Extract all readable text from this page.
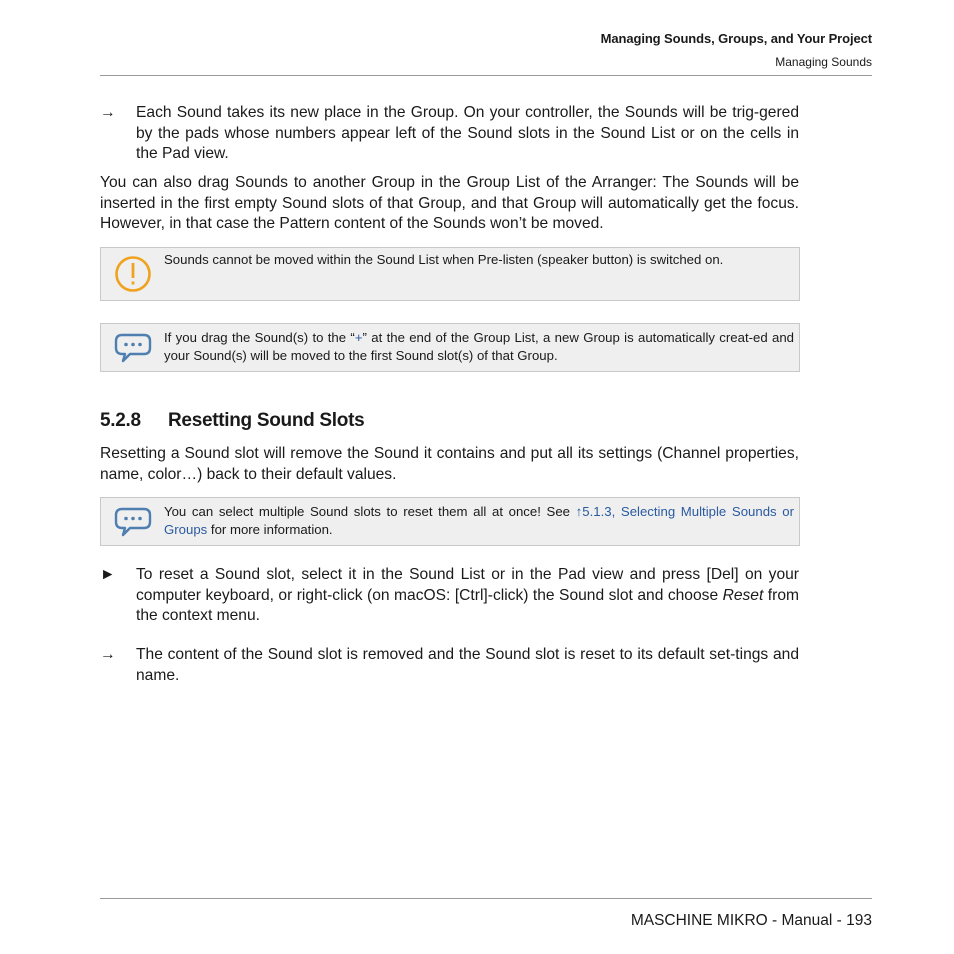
Managing Sounds, Groups, and Your Project
Managing Sounds
→	Each Sound takes its new place in the Group. On your controller, the Sounds will be trig-gered by the pads whose numbers appear left of the Sound slots in the Sound List or on the cells in the Pad view.

You can also drag Sounds to another Group in the Group List of the Arranger: The Sounds will be inserted in the first empty Sound slots of that Group, and that Group will automatically get the focus. However, in that case the Pattern content of the Sounds won’t be moved.

Sounds cannot be moved within the Sound List when Pre-listen (speaker button) is switched on.
If you drag the Sound(s) to the “+” at the end of the Group List, a new Group is automatically creat-ed and your Sound(s) will be moved to the first Sound slot(s) of that Group.
5.2.8 Resetting Sound Slots

Resetting a Sound slot will remove the Sound it contains and put all its settings (Channel properties, name, color…) back to their default values.

You can select multiple Sound slots to reset them all at once! See ↑5.1.3, Selecting Multiple Sounds or Groups for more information.
►	To reset a Sound slot, select it in the Sound List or in the Pad view and press [Del] on your computer keyboard, or right-click (on macOS: [Ctrl]-click) the Sound slot and choose Reset from the context menu.
→	The content of the Sound slot is removed and the Sound slot is reset to its default set-tings and name.
MASCHINE MIKRO - Manual - 193
